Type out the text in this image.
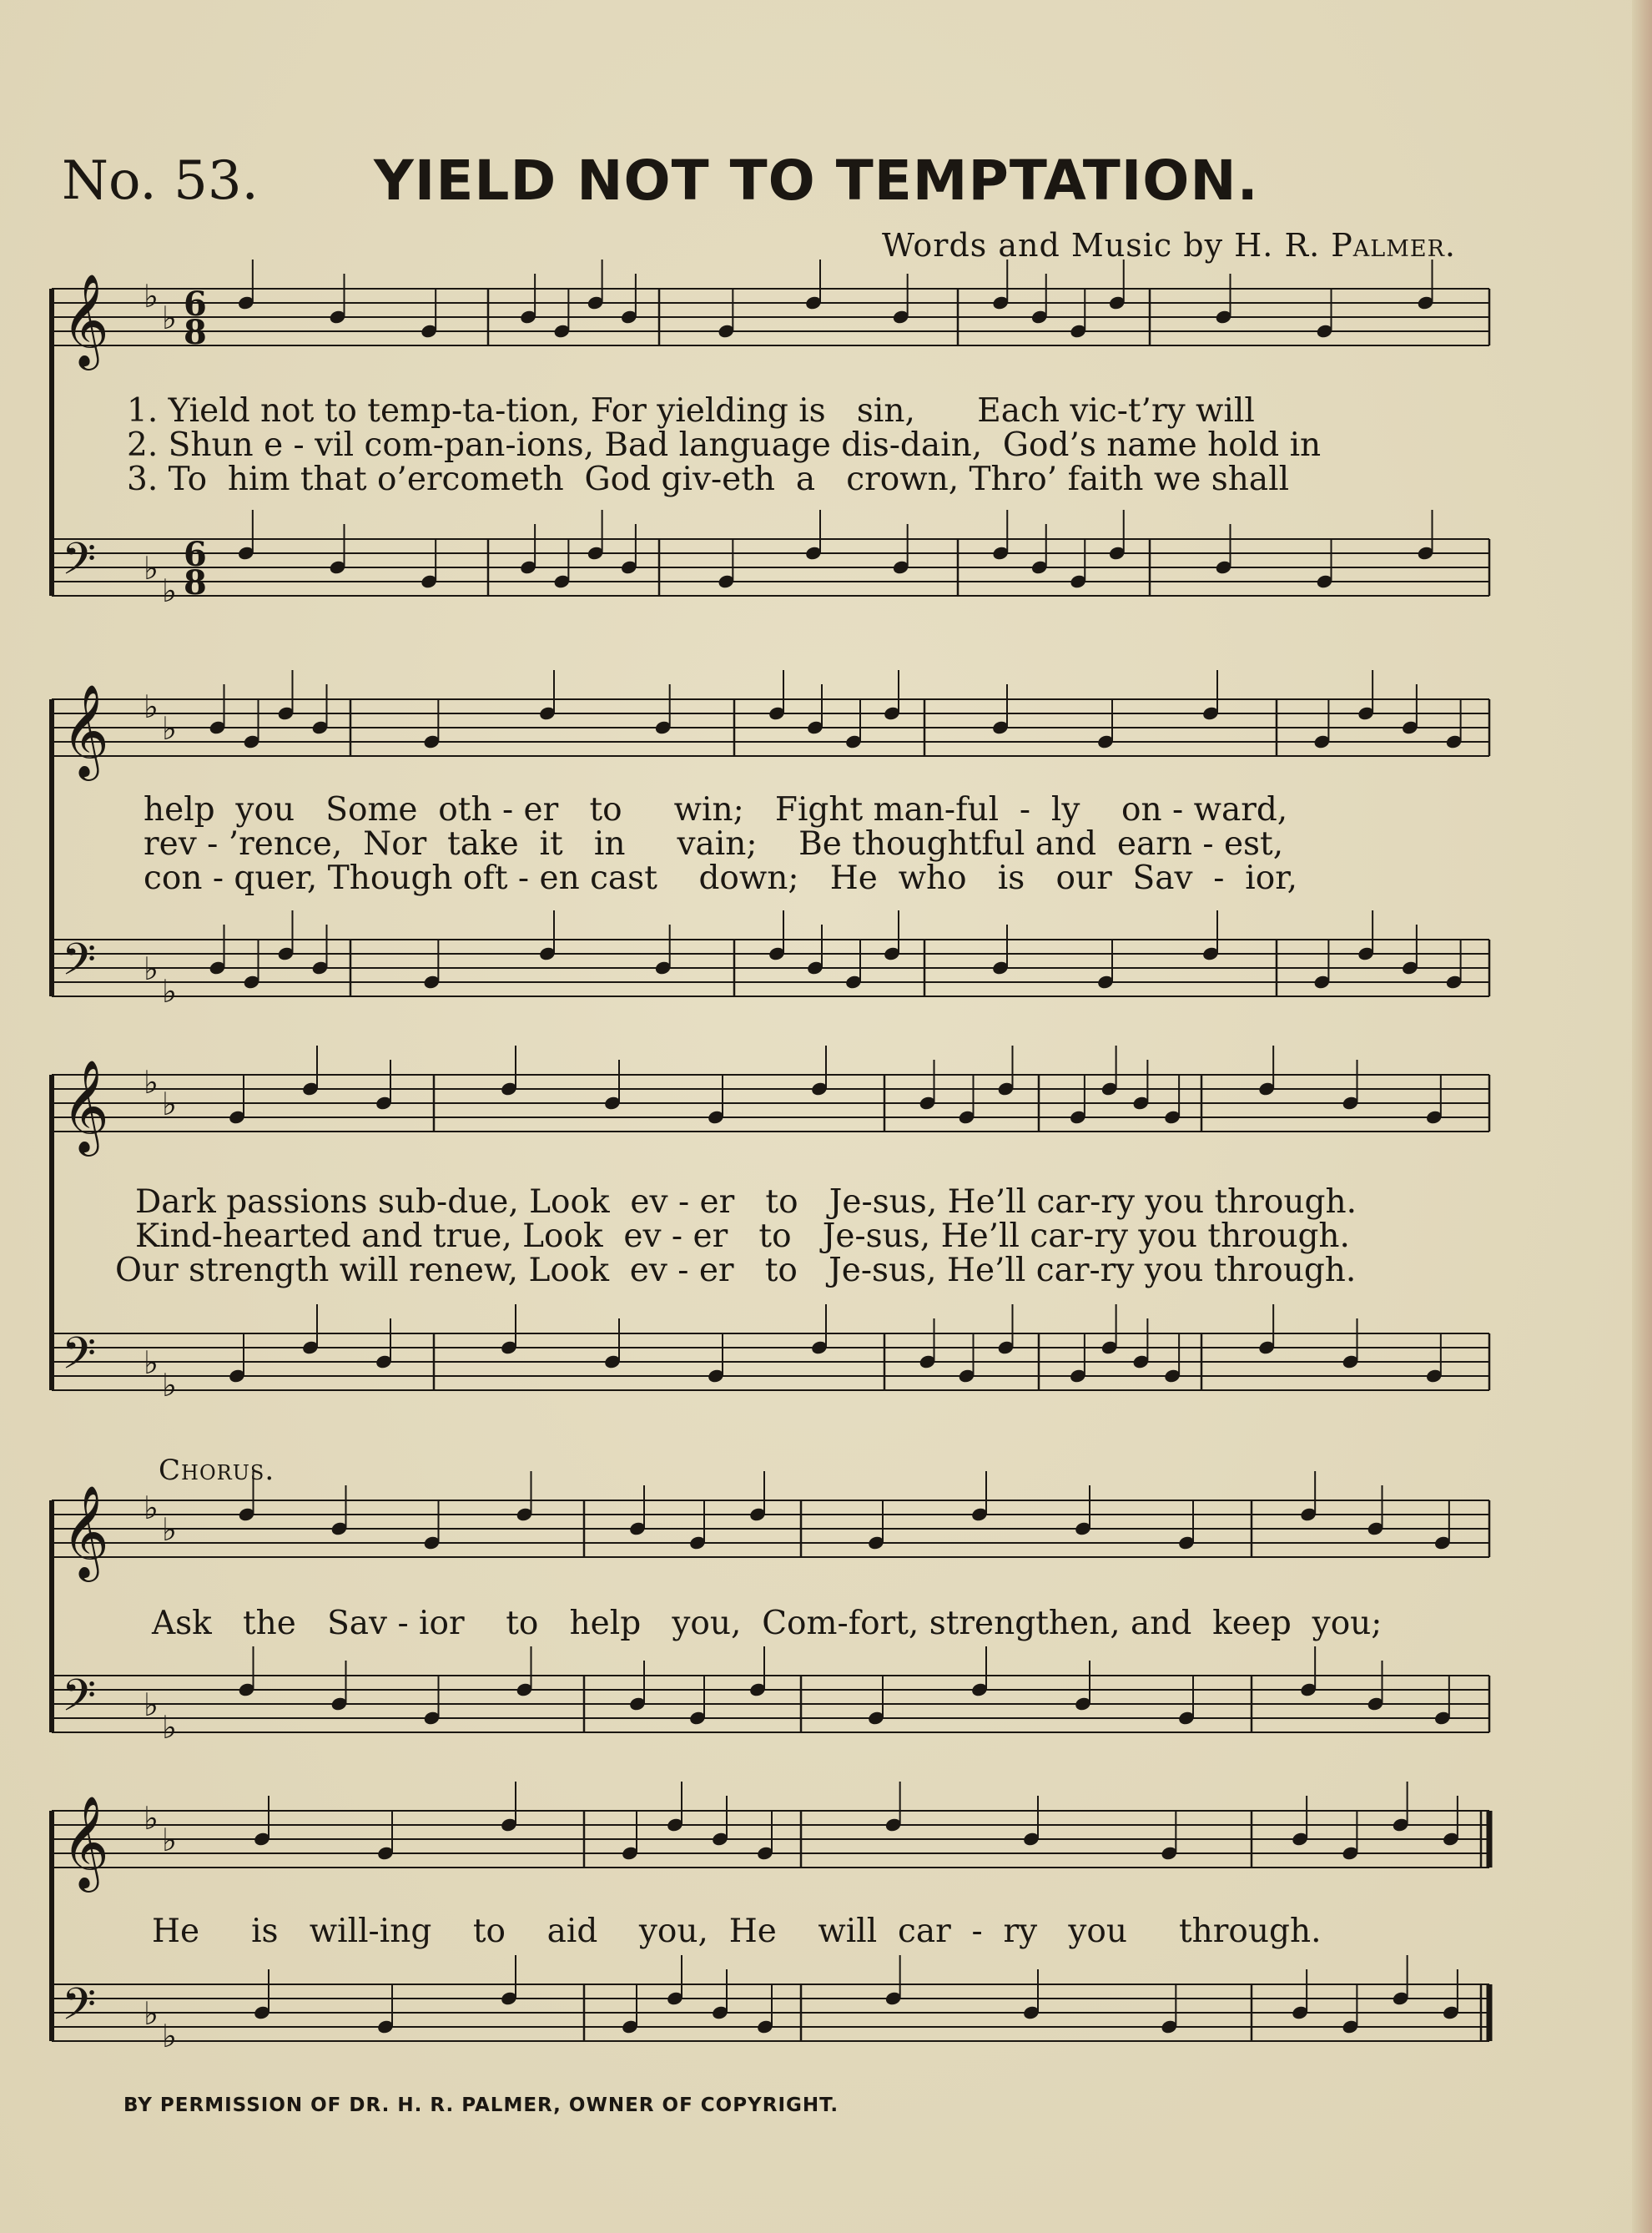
No. 53. YIELD NOT TO TEMPTATION.
Words and Music by H. R. Palmer.
1. Yield not to temp-ta-tion, For yielding is   sin,      Each vic-t’ry will
2. Shun e - vil com-pan-ions, Bad language dis-dain,  God’s name hold in
3. To  him that o’ercometh  God giv-eth  a   crown, Thro’ faith we shall
help  you   Some  oth - er   to     win;   Fight man-ful  -  ly    on - ward,
rev - ’rence,  Nor  take  it   in     vain;    Be thoughtful and  earn - est,
con - quer, Though oft - en cast    down;   He  who   is   our  Sav  -  ior,
Dark passions sub-due, Look  ev - er   to   Je-sus, He’ll car-ry you through.
Kind-hearted and true, Look  ev - er   to   Je-sus, He’ll car-ry you through.
Our strength will renew, Look  ev - er   to   Je-sus, He’ll car-ry you through.
Chorus.
Ask   the   Sav - ior    to   help   you,  Com-fort, strengthen, and  keep  you;
He     is   will-ing    to    aid    you,  He    will  car  -  ry   you     through.
BY PERMISSION OF DR. H. R. PALMER, OWNER OF COPYRIGHT.
𝄞 ♭
♭
𝄢 ♭
♭
𝄞 ♭
♭
𝄢 ♭
♭
𝄞 ♭
♭
𝄢 ♭
♭
𝄞 ♭
♭
𝄢 ♭
♭
𝄞 ♭
♭
𝄢 ♭
♭
6
8
6
8
